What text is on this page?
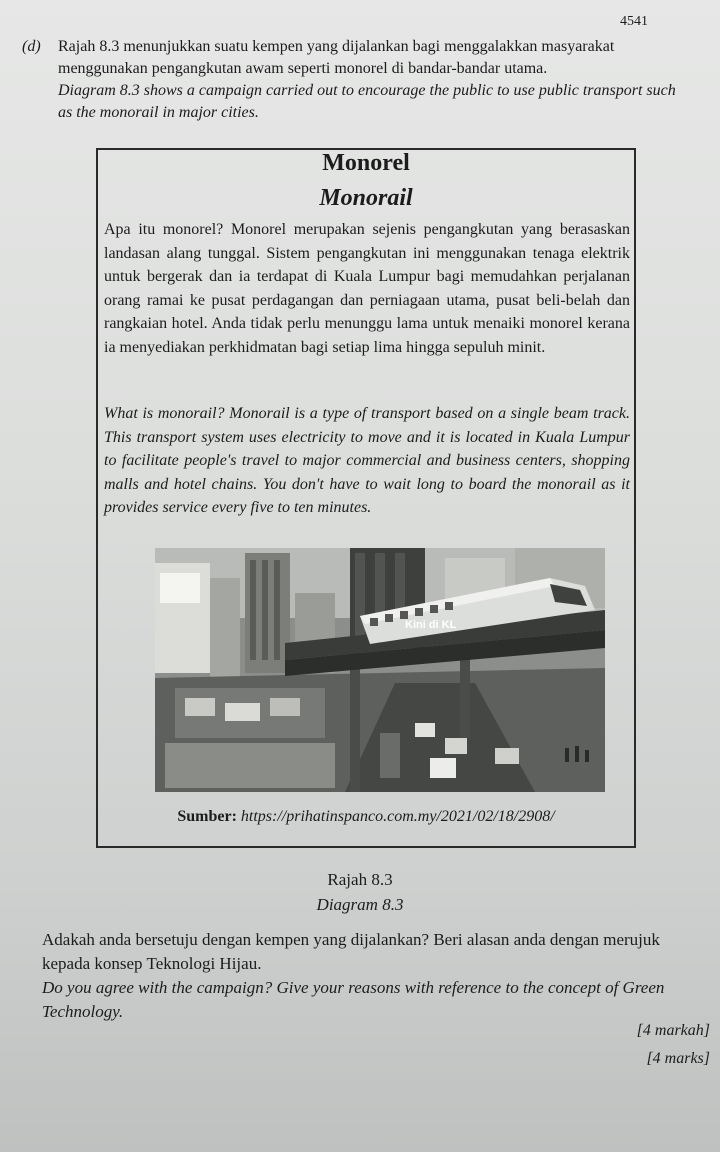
4541
(d) Rajah 8.3 menunjukkan suatu kempen yang dijalankan bagi menggalakkan masyarakat menggunakan pengangkutan awam seperti monorel di bandar-bandar utama.
Diagram 8.3 shows a campaign carried out to encourage the public to use public transport such as the monorail in major cities.
Monorel
Monorail
Apa itu monorel? Monorel merupakan sejenis pengangkutan yang berasaskan landasan alang tunggal. Sistem pengangkutan ini menggunakan tenaga elektrik untuk bergerak dan ia terdapat di Kuala Lumpur bagi memudahkan perjalanan orang ramai ke pusat perdagangan dan perniagaan utama, pusat beli-belah dan rangkaian hotel. Anda tidak perlu menunggu lama untuk menaiki monorel kerana ia menyediakan perkhidmatan bagi setiap lima hingga sepuluh minit.
What is monorail? Monorail is a type of transport based on a single beam track. This transport system uses electricity to move and it is located in Kuala Lumpur to facilitate people's travel to major commercial and business centers, shopping malls and hotel chains. You don't have to wait long to board the monorail as it provides service every five to ten minutes.
Kini di KL
Sumber: https://prihatinspanco.com.my/2021/02/18/2908/
Rajah 8.3
Diagram 8.3
Adakah anda bersetuju dengan kempen yang dijalankan? Beri alasan anda dengan merujuk kepada konsep Teknologi Hijau.
Do you agree with the campaign? Give your reasons with reference to the concept of Green Technology.
[4 markah]
[4 marks]
